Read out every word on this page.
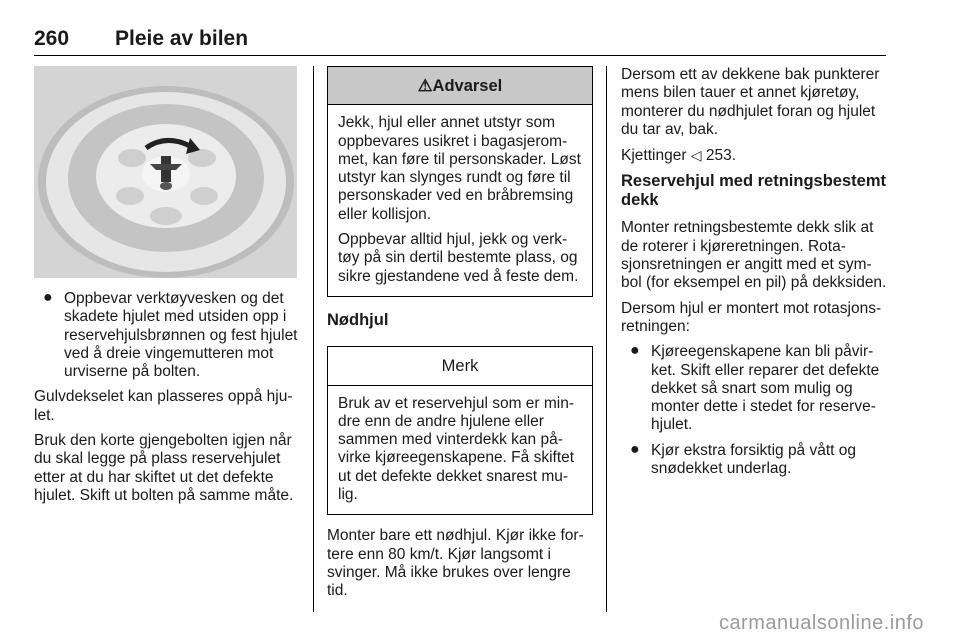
260 Pleie av bilen
● Oppbevar verktøyvesken og det skadete hjulet med utsiden opp i reservehjulsbrønnen og fest hjulet ved å dreie vingemutteren mot urviserne på bolten.

Gulvdekselet kan plasseres oppå hjulet.

Bruk den korte gjengebolten igjen når du skal legge på plass reservehjulet etter at du har skiftet ut det defekte hjulet. Skift ut bolten på samme måte.

⚠Advarsel

Jekk, hjul eller annet utstyr som oppbevares usikret i bagasjerommet, kan føre til personskader. Løst utstyr kan slynges rundt og føre til personskader ved en bråbremsing eller kollisjon.

Oppbevar alltid hjul, jekk og verktøy på sin dertil bestemte plass, og sikre gjestandene ved å feste dem.

Nødhjul
Merk

Bruk av et reservehjul som er mindre enn de andre hjulene eller sammen med vinterdekk kan påvirke kjøreegenskapene. Få skiftet ut det defekte dekket snarest mulig.

Monter bare ett nødhjul. Kjør ikke fortere enn 80 km/t. Kjør langsomt i svinger. Må ikke brukes over lengre tid.

Dersom ett av dekkene bak punkterer mens bilen tauer et annet kjøretøy, monterer du nødhjulet foran og hjulet du tar av, bak.

Kjettinger ◁ 253.

Reservehjul med retningsbestemt dekk

Monter retningsbestemte dekk slik at de roterer i kjøreretningen. Rotasjonsretningen er angitt med et symbol (for eksempel en pil) på dekksiden.

Dersom hjul er montert mot rotasjonsretningen:

● Kjøreegenskapene kan bli påvirket. Skift eller reparer det defekte dekket så snart som mulig og monter dette i stedet for reservehjulet.
● Kjør ekstra forsiktig på vått og snødekket underlag.
carmanualsonline.info
